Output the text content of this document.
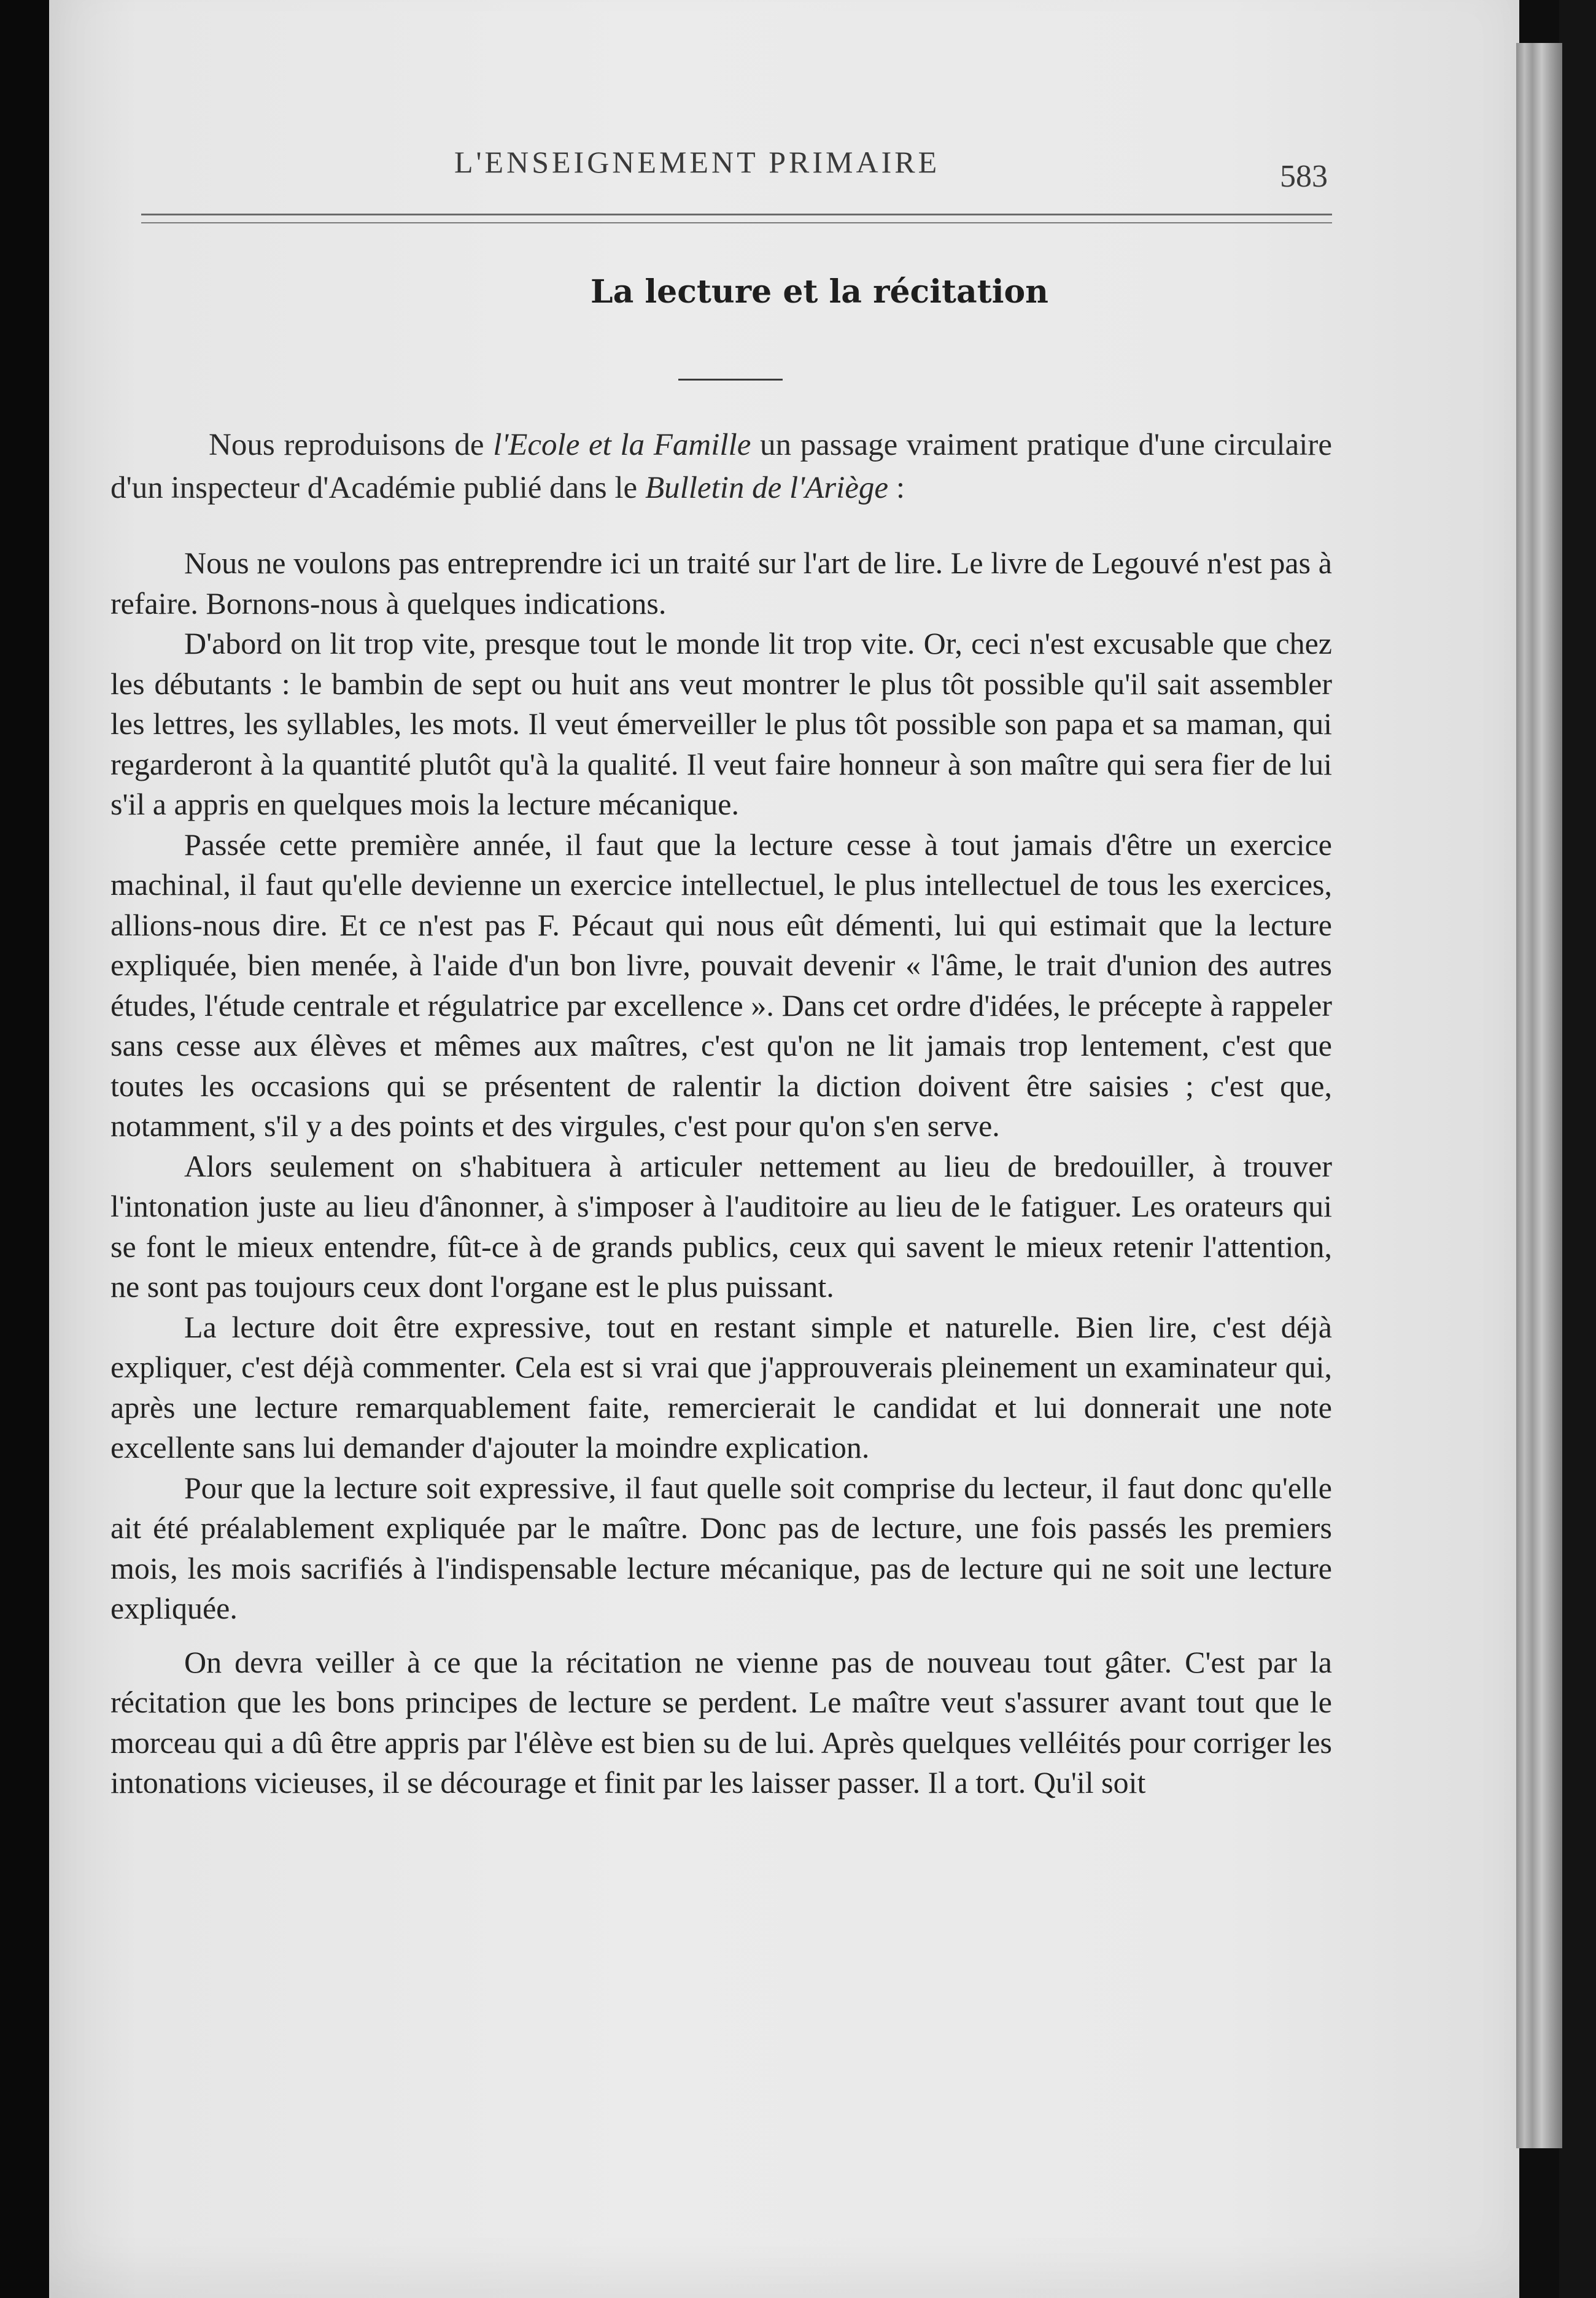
L'ENSEIGNEMENT PRIMAIRE	583
La lecture et la récitation
Nous reproduisons de l'Ecole et la Famille un passage vraiment pratique d'une circulaire d'un inspecteur d'Académie publié dans le Bulletin de l'Ariège :

Nous ne voulons pas entreprendre ici un traité sur l'art de lire. Le livre de Legouvé n'est pas à refaire. Bornons-nous à quelques indications.

D'abord on lit trop vite, presque tout le monde lit trop vite. Or, ceci n'est excusable que chez les débutants : le bambin de sept ou huit ans veut montrer le plus tôt possible qu'il sait assembler les lettres, les syllables, les mots. Il veut émerveiller le plus tôt possible son papa et sa maman, qui regarderont à la quantité plutôt qu'à la qualité. Il veut faire honneur à son maître qui sera fier de lui s'il a appris en quelques mois la lecture mécanique.

Passée cette première année, il faut que la lecture cesse à tout jamais d'être un exercice machinal, il faut qu'elle devienne un exercice intellectuel, le plus intellectuel de tous les exercices, allions-nous dire. Et ce n'est pas F. Pécaut qui nous eût démenti, lui qui estimait que la lecture expliquée, bien menée, à l'aide d'un bon livre, pouvait devenir « l'âme, le trait d'union des autres études, l'étude centrale et régulatrice par excellence ». Dans cet ordre d'idées, le précepte à rappeler sans cesse aux élèves et mêmes aux maîtres, c'est qu'on ne lit jamais trop lentement, c'est que toutes les occasions qui se présentent de ralentir la diction doivent être saisies ; c'est que, notamment, s'il y a des points et des virgules, c'est pour qu'on s'en serve.

Alors seulement on s'habituera à articuler nettement au lieu de bredouiller, à trouver l'intonation juste au lieu d'ânonner, à s'imposer à l'auditoire au lieu de le fatiguer. Les orateurs qui se font le mieux entendre, fût-ce à de grands publics, ceux qui savent le mieux retenir l'attention, ne sont pas toujours ceux dont l'organe est le plus puissant.

La lecture doit être expressive, tout en restant simple et naturelle. Bien lire, c'est déjà expliquer, c'est déjà commenter. Cela est si vrai que j'approuverais pleinement un examinateur qui, après une lecture remarquablement faite, remercierait le candidat et lui donnerait une note excellente sans lui demander d'ajouter la moindre explication.

Pour que la lecture soit expressive, il faut quelle soit comprise du lecteur, il faut donc qu'elle ait été préalablement expliquée par le maître. Donc pas de lecture, une fois passés les premiers mois, les mois sacrifiés à l'indispensable lecture mécanique, pas de lecture qui ne soit une lecture expliquée.

On devra veiller à ce que la récitation ne vienne pas de nouveau tout gâter. C'est par la récitation que les bons principes de lecture se perdent. Le maître veut s'assurer avant tout que le morceau qui a dû être appris par l'élève est bien su de lui. Après quelques velléités pour corriger les intonations vicieuses, il se décourage et finit par les laisser passer. Il a tort. Qu'il soit
